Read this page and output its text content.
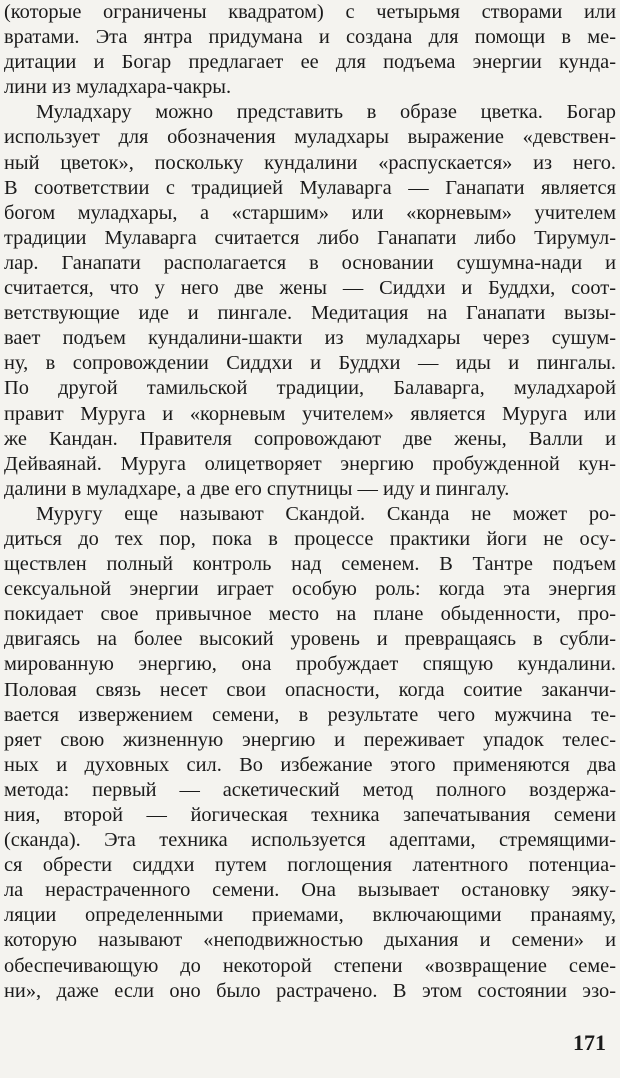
(которые ограничены квадратом) с четырьмя створами или
вратами. Эта янтра придумана и создана для помощи в ме-
дитации и Богар предлагает ее для подъема энергии кунда-
лини из муладхара-чакры.
Муладхару можно представить в образе цветка. Богар
использует для обозначения муладхары выражение «девствен-
ный цветок», поскольку кундалини «распускается» из него.
В соответствии с традицией Мулаварга — Ганапати является
богом муладхары, а «старшим» или «корневым» учителем
традиции Мулаварга считается либо Ганапати либо Тирумул-
лар. Ганапати располагается в основании сушумна-нади и
считается, что у него две жены — Сиддхи и Буддхи, соот-
ветствующие иде и пингале. Медитация на Ганапати вызы-
вает подъем кундалини-шакти из муладхары через сушум-
ну, в сопровождении Сиддхи и Буддхи — иды и пингалы.
По другой тамильской традиции, Балаварга, муладхарой
правит Муруга и «корневым учителем» является Муруга или
же Кандан. Правителя сопровождают две жены, Валли и
Дейваянай. Муруга олицетворяет энергию пробужденной кун-
далини в муладхаре, а две его спутницы — иду и пингалу.
Муругу еще называют Скандой. Сканда не может ро-
диться до тех пор, пока в процессе практики йоги не осу-
ществлен полный контроль над семенем. В Тантре подъем
сексуальной энергии играет особую роль: когда эта энергия
покидает свое привычное место на плане обыденности, про-
двигаясь на более высокий уровень и превращаясь в субли-
мированную энергию, она пробуждает спящую кундалини.
Половая связь несет свои опасности, когда соитие заканчи-
вается извержением семени, в результате чего мужчина те-
ряет свою жизненную энергию и переживает упадок телес-
ных и духовных сил. Во избежание этого применяются два
метода: первый — аскетический метод полного воздержа-
ния, второй — йогическая техника запечатывания семени
(сканда). Эта техника используется адептами, стремящими-
ся обрести сиддхи путем поглощения латентного потенциа-
ла нерастраченного семени. Она вызывает остановку эяку-
ляции определенными приемами, включающими пранаяму,
которую называют «неподвижностью дыхания и семени» и
обеспечивающую до некоторой степени «возвращение семе-
ни», даже если оно было растрачено. В этом состоянии эзо-
171
